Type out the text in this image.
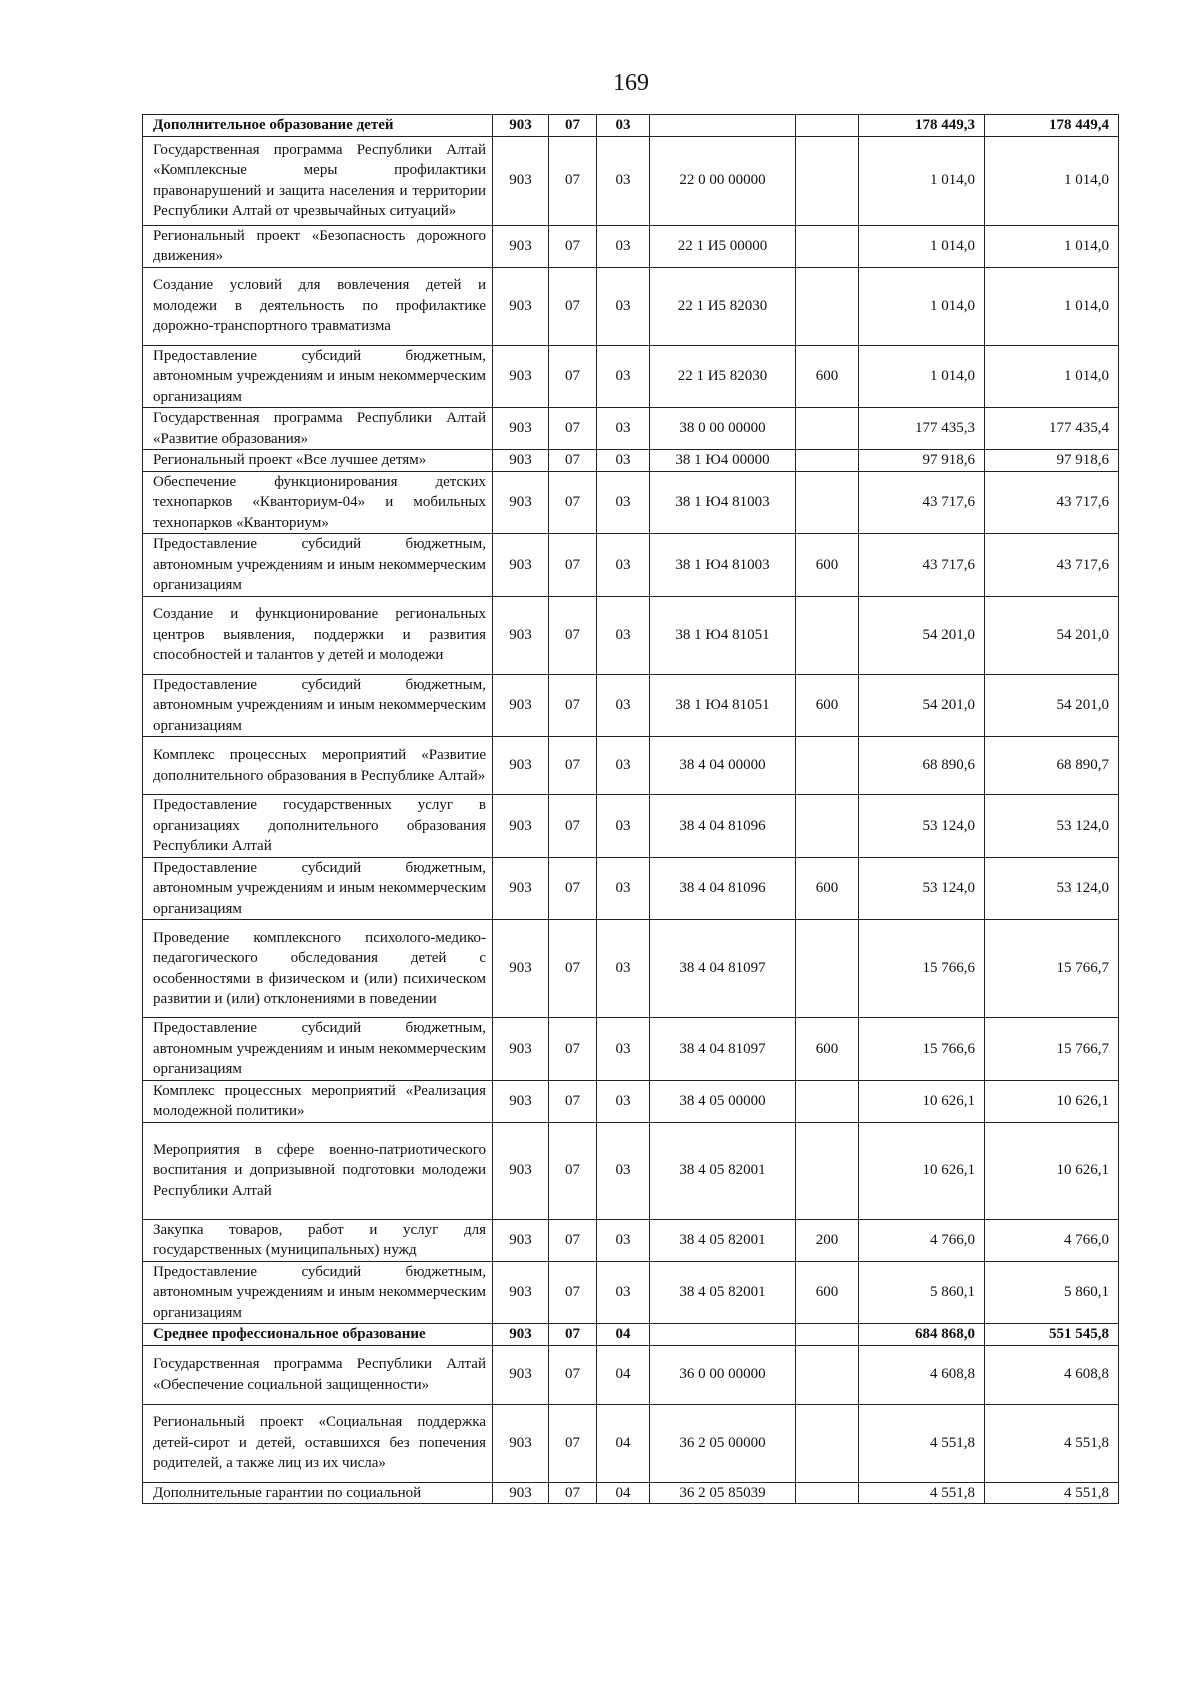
169
Дополнительное образование детей	903	07	03			178 449,3	178 449,4
Государственная программа Республики Алтай «Комплексные меры профилактики правонарушений и защита населения и территории Республики Алтай от чрезвычайных ситуаций»	903	07	03	22 0 00 00000		1 014,0	1 014,0
Региональный проект «Безопасность дорожного движения»	903	07	03	22 1 И5 00000		1 014,0	1 014,0
Создание условий для вовлечения детей и молодежи в деятельность по профилактике дорожно-транспортного травматизма	903	07	03	22 1 И5 82030		1 014,0	1 014,0
Предоставление субсидий бюджетным, автономным учреждениям и иным некоммерческим организациям	903	07	03	22 1 И5 82030	600	1 014,0	1 014,0
Государственная программа Республики Алтай «Развитие образования»	903	07	03	38 0 00 00000		177 435,3	177 435,4
Региональный проект «Все лучшее детям»	903	07	03	38 1 Ю4 00000		97 918,6	97 918,6
Обеспечение функционирования детских технопарков «Кванториум-04» и мобильных технопарков «Кванториум»	903	07	03	38 1 Ю4 81003		43 717,6	43 717,6
Предоставление субсидий бюджетным, автономным учреждениям и иным некоммерческим организациям	903	07	03	38 1 Ю4 81003	600	43 717,6	43 717,6
Создание и функционирование региональных центров выявления, поддержки и развития способностей и талантов у детей и молодежи	903	07	03	38 1 Ю4 81051		54 201,0	54 201,0
Предоставление субсидий бюджетным, автономным учреждениям и иным некоммерческим организациям	903	07	03	38 1 Ю4 81051	600	54 201,0	54 201,0
Комплекс процессных мероприятий «Развитие дополнительного образования в Республике Алтай»	903	07	03	38 4 04 00000		68 890,6	68 890,7
Предоставление государственных услуг в организациях дополнительного образования Республики Алтай	903	07	03	38 4 04 81096		53 124,0	53 124,0
Предоставление субсидий бюджетным, автономным учреждениям и иным некоммерческим организациям	903	07	03	38 4 04 81096	600	53 124,0	53 124,0
Проведение комплексного психолого-медико-педагогического обследования детей с особенностями в физическом и (или) психическом развитии и (или) отклонениями в поведении	903	07	03	38 4 04 81097		15 766,6	15 766,7
Предоставление субсидий бюджетным, автономным учреждениям и иным некоммерческим организациям	903	07	03	38 4 04 81097	600	15 766,6	15 766,7
Комплекс процессных мероприятий «Реализация молодежной политики»	903	07	03	38 4 05 00000		10 626,1	10 626,1
Мероприятия в сфере военно-патриотического воспитания и допризывной подготовки молодежи Республики Алтай	903	07	03	38 4 05 82001		10 626,1	10 626,1
Закупка товаров, работ и услуг для государственных (муниципальных) нужд	903	07	03	38 4 05 82001	200	4 766,0	4 766,0
Предоставление субсидий бюджетным, автономным учреждениям и иным некоммерческим организациям	903	07	03	38 4 05 82001	600	5 860,1	5 860,1
Среднее профессиональное образование	903	07	04			684 868,0	551 545,8
Государственная программа Республики Алтай «Обеспечение социальной защищенности»	903	07	04	36 0 00 00000		4 608,8	4 608,8
Региональный проект «Социальная поддержка детей-сирот и детей, оставшихся без попечения родителей, а также лиц из их числа»	903	07	04	36 2 05 00000		4 551,8	4 551,8
Дополнительные гарантии по социальной	903	07	04	36 2 05 85039		4 551,8	4 551,8
